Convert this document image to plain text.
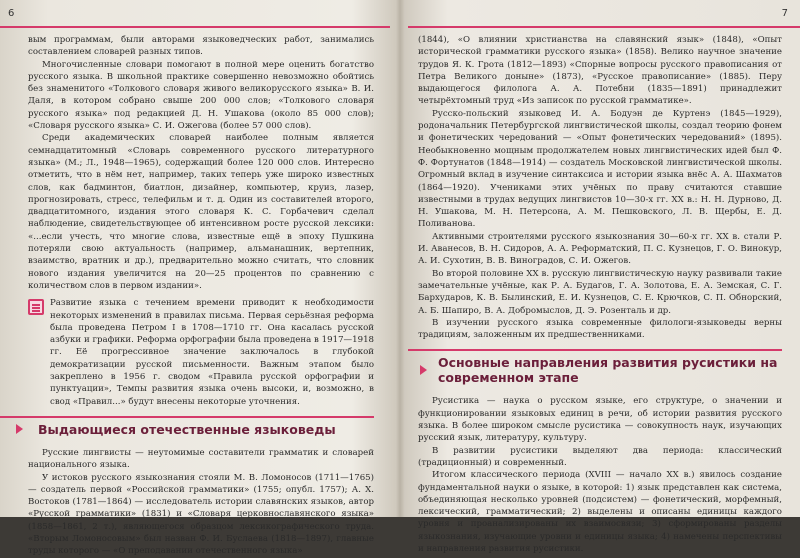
6

вым программам, были авторами языковедческих работ, занимались составлением словарей разных типов.

Многочисленные словари помогают в полной мере оценить богатство русского языка. В школьной практике совершенно невозможно обойтись без знаменитого «Толкового словаря живого великорусского языка» В. И. Даля, в котором собрано свыше 200 000 слов; «Толкового словаря русского языка» под редакцией Д. Н. Ушакова (около 85 000 слов); «Словаря русского языка» С. И. Ожегова (более 57 000 слов).

Среди академических словарей наиболее полным является семнадцатитомный «Словарь современного русского литературного языка» (М.; Л., 1948—1965), содержащий более 120 000 слов. Интересно отметить, что в нём нет, например, таких теперь уже широко известных слов, как бадминтон, биатлон, дизайнер, компьютер, круиз, лазер, прогнозировать, стресс, телефильм и т. д. Один из составителей второго, двадцатитомного, издания этого словаря К. С. Горбачевич сделал наблюдение, свидетельствующее об интенсивном росте русской лексики: «...если учесть, что многие слова, известные ещё в эпоху Пушкина потеряли свою актуальность (например, альманашник, вертепник, взаимство, вратник и др.), предварительно можно считать, что словник нового издания увеличится на 20—25 процентов по сравнению с количеством слов в первом издании».

Развитие языка с течением времени приводит к необходимости некоторых изменений в правилах письма. Первая серьёзная реформа была проведена Петром I в 1708—1710 гг. Она касалась русской азбуки и графики. Реформа орфографии была проведена в 1917—1918 гг. Её прогрессивное значение заключалось в глубокой демократизации русской письменности. Важным этапом было закреплено в 1956 г. сводом «Правила русской орфографии и пунктуации», Темпы развития языка очень высоки, и, возможно, в свод «Правил...» будут внесены некоторые уточнения.

Выдающиеся отечественные языковеды

Русские лингвисты — неутомимые составители грамматик и словарей национального языка.

У истоков русского языкознания стояли М. В. Ломоносов (1711—1765) — создатель первой «Российской грамматики» (1755; опубл. 1757); А. Х. Востоков (1781—1864) — исследователь истории славянских языков, автор «Русской грамматики» (1831) и «Словаря церковнославянского языка» (1858—1861, 2 т.), являющегося образцом лексикографического труда. «Вторым Ломоносовым» был назван Ф. И. Буслаева (1818—1897), главные труды которого — «О преподавании отечественного языка»

7

(1844), «О влиянии христианства на славянский язык» (1848), «Опыт исторической грамматики русского языка» (1858). Велико научное значение трудов Я. К. Грота (1812—1893) «Спорные вопросы русского правописания от Петра Великого доныне» (1873), «Русское правописание» (1885). Перу выдающегося филолога А. А. Потебни (1835—1891) принадлежит четырёхтомный труд «Из записок по русской грамматике».

Русско-польский языковед И. А. Бодуэн де Куртенэ (1845—1929), родоначальник Петербургской лингвистической школы, создал теорию фонем и фонетических чередований — «Опыт фонетических чередований» (1895). Необыкновенно мощным продолжателем новых лингвистических идей был Ф. Ф. Фортунатов (1848—1914) — создатель Московской лингвистической школы. Огромный вклад в изучение синтаксиса и истории языка внёс А. А. Шахматов (1864—1920). Учениками этих учёных по праву считаются ставшие известными в трудах ведущих лингвистов 10—30-х гг. XX в.: Н. Н. Дурново, Д. Н. Ушакова, М. Н. Петерсона, А. М. Пешковского, Л. В. Щербы, Е. Д. Поливанова.

Активными строителями русского языкознания 30—60-х гг. XX в. стали Р. И. Аванесов, В. Н. Сидоров, А. А. Реформатский, П. С. Кузнецов, Г. О. Винокур, А. И. Сухотин, В. В. Виноградов, С. И. Ожегов.

Во второй половине XX в. русскую лингвистическую науку развивали такие замечательные учёные, как Р. А. Будагов, Г. А. Золотова, Е. А. Земская, С. Г. Бархударов, К. В. Былинский, Е. И. Кузнецов, С. Е. Крючков, С. П. Обнорский, А. Б. Шапиро, В. А. Добромыслов, Д. Э. Розенталь и др.

В изучении русского языка современные филологи-языковеды верны традициям, заложенным их предшественниками.

Основные направления развития русистики на современном этапе

Русистика — наука о русском языке, его структуре, о значении и функционировании языковых единиц в речи, об истории развития русского языка. В более широком смысле русистика — совокупность наук, изучающих русский язык, литературу, культуру.

В развитии русистики выделяют два периода: классический (традиционный) и современный.

Итогом классического периода (XVIII — начало XX в.) явилось создание фундаментальной науки о языке, в которой: 1) язык представлен как система, объединяющая несколько уровней (подсистем) — фонетический, морфемный, лексический, грамматический; 2) выделены и описаны единицы каждого уровня и проанализированы их взаимосвязи; 3) сформированы разделы языкознания, изучающие уровни и единицы языка; 4) намечены перспективы и направления развития русистики.
